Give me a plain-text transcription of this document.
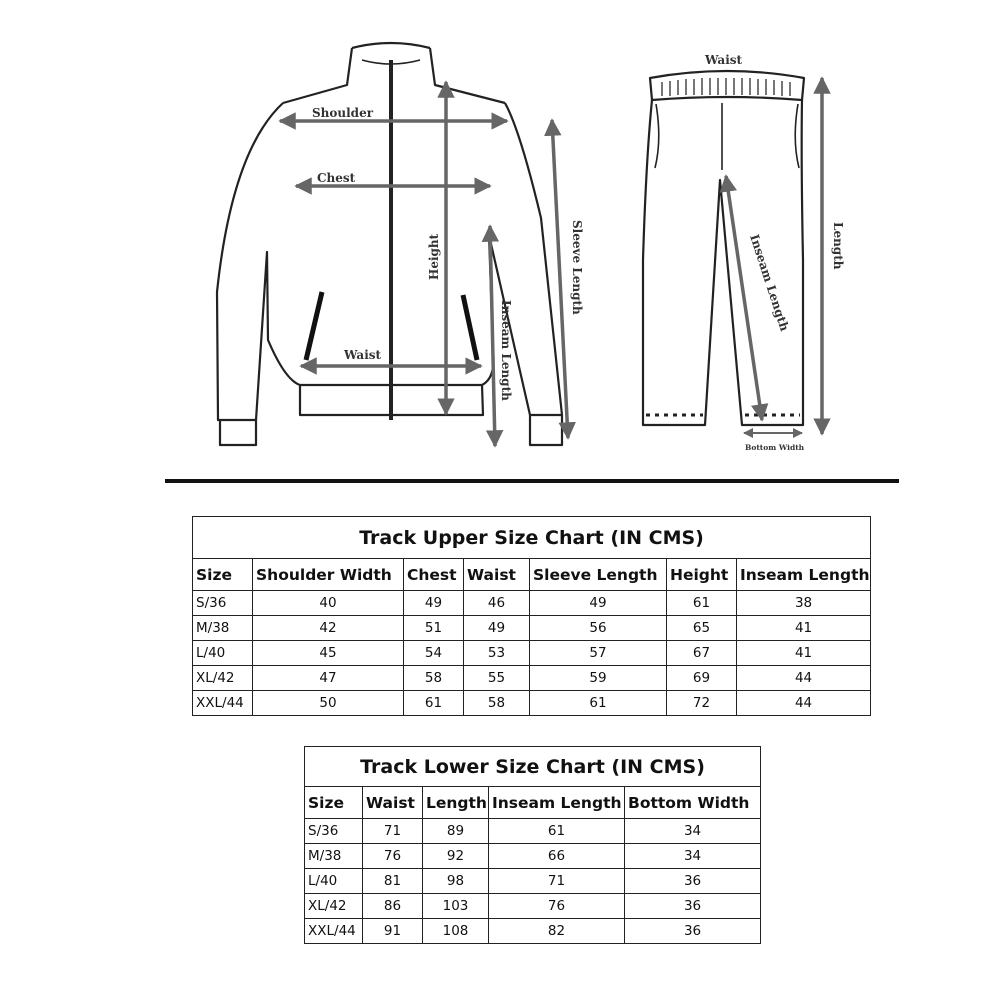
Shoulder
Chest
Waist
Height	Sleeve Length
Inseam Length
Waist
Length
Inseam Length
Bottom Width
Track Upper Size Chart (IN CMS)						
Size	Shoulder Width	Chest	Waist	Sleeve Length	Height	Inseam Length
S/36	40	49	46	49	61	38
M/38	42	51	49	56	65	41
L/40	45	54	53	57	67	41
XL/42	47	58	55	59	69	44
XXL/44	50	61	58	61	72	44
Track Lower Size Chart (IN CMS)				
Size	Waist	Length	Inseam Length	Bottom Width
S/36	71	89	61	34
M/38	76	92	66	34
L/40	81	98	71	36
XL/42	86	103	76	36
XXL/44	91	108	82	36
